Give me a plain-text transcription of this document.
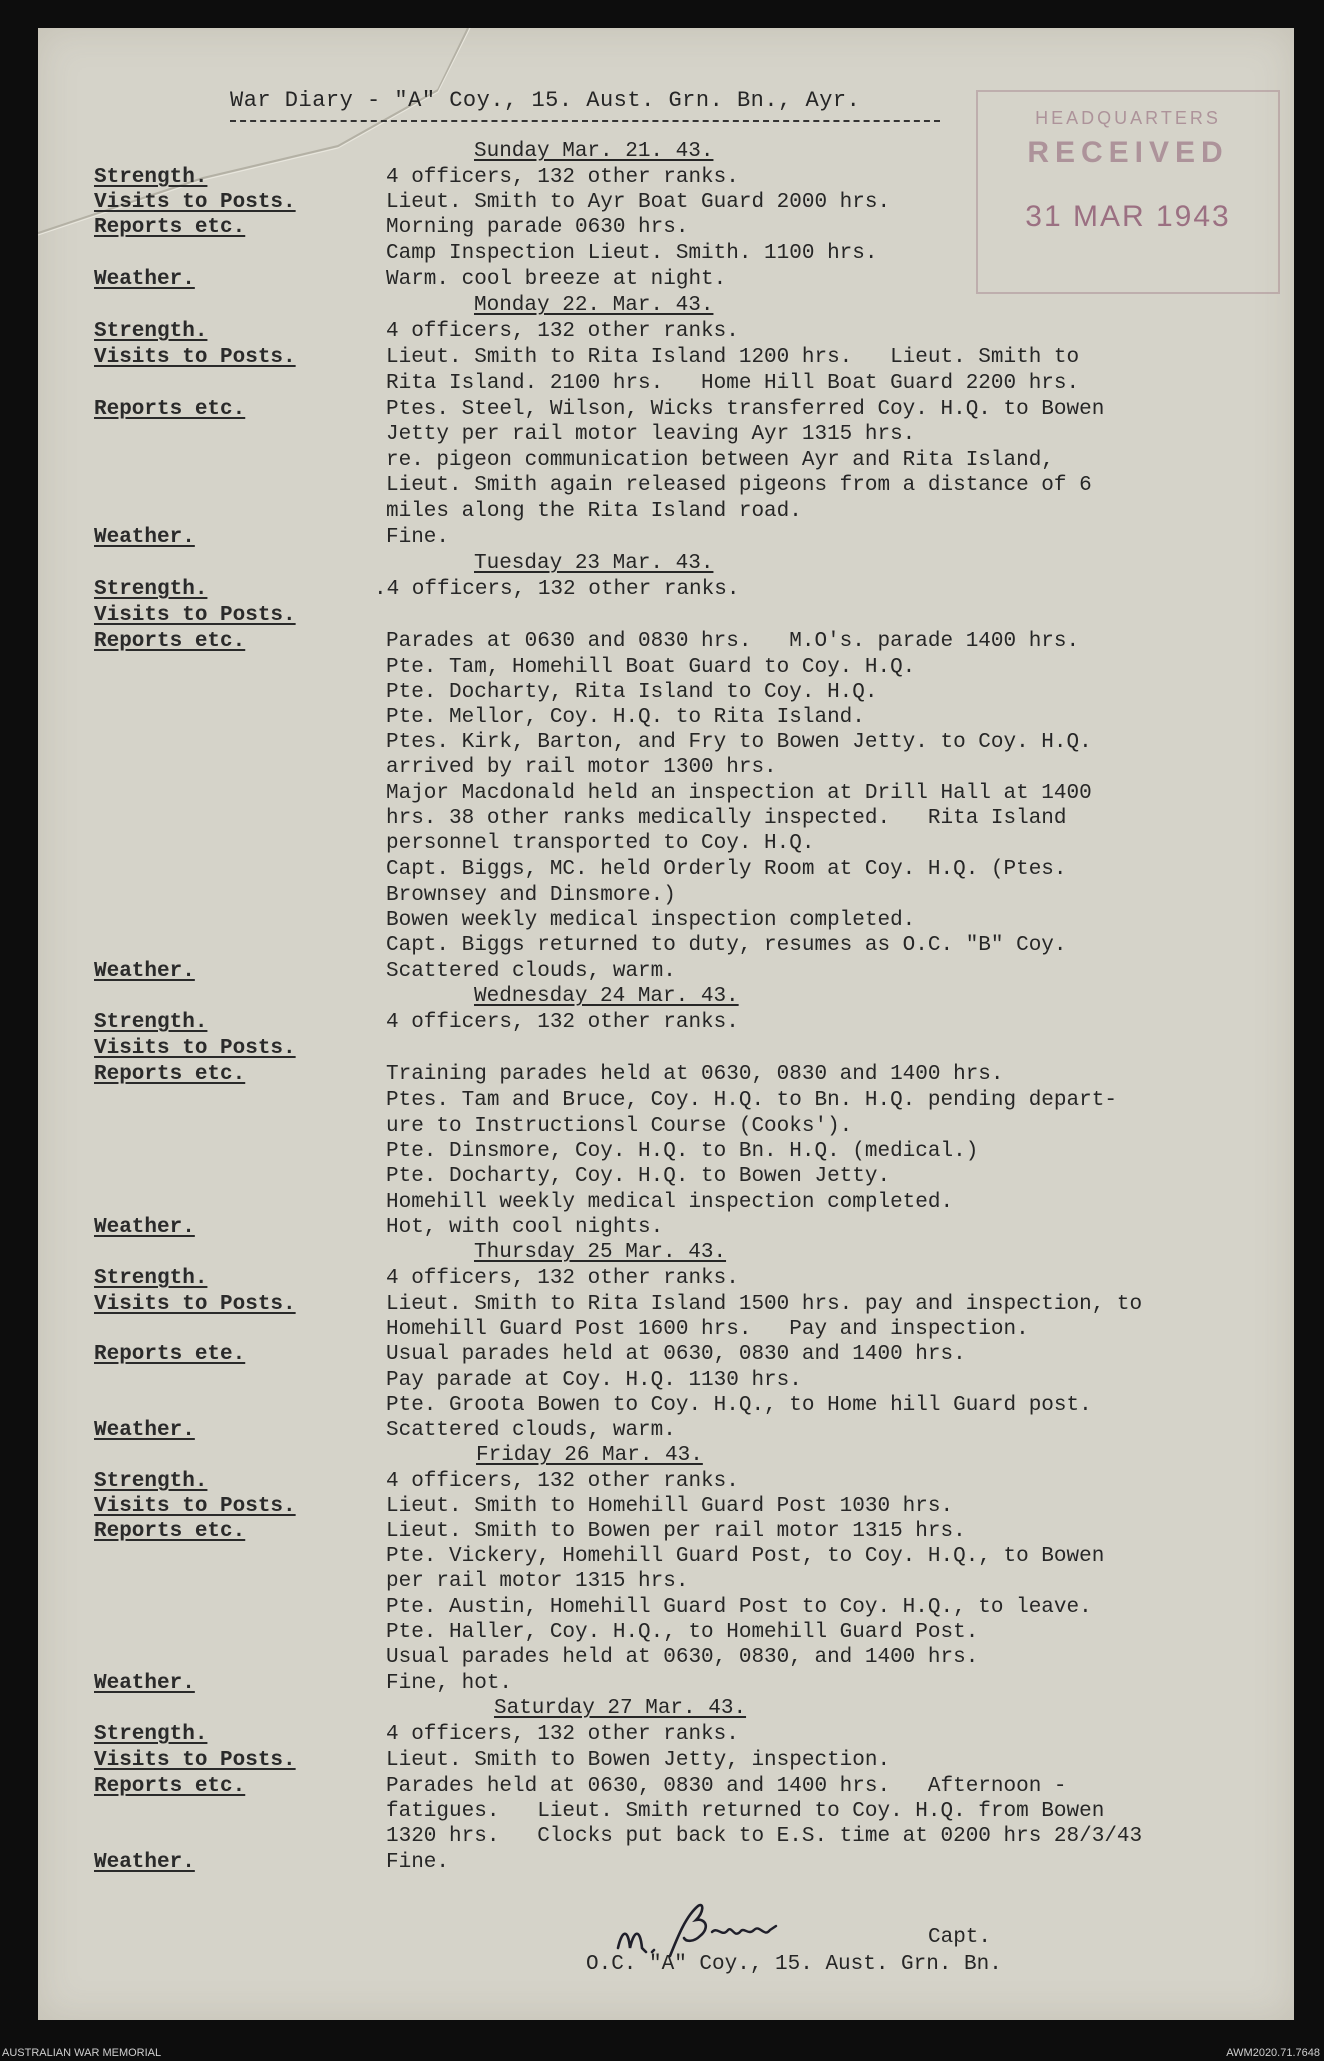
HEADQUARTERS
RECEIVED
31 MAR 1943
War Diary - "A" Coy., 15. Aust. Grn. Bn., Ayr.
Sunday Mar. 21. 43.
Strength.	4 officers, 132 other ranks.
Visits to Posts.	Lieut. Smith to Ayr Boat Guard 2000 hrs.
Reports etc.	Morning parade 0630 hrs.
Camp Inspection Lieut. Smith. 1100 hrs.
Weather.	Warm. cool breeze at night.
Monday 22. Mar. 43.
Strength.	4 officers, 132 other ranks.
Visits to Posts.	Lieut. Smith to Rita Island 1200 hrs.   Lieut. Smith to
Rita Island. 2100 hrs.   Home Hill Boat Guard 2200 hrs.
Reports etc.	Ptes. Steel, Wilson, Wicks transferred Coy. H.Q. to Bowen
Jetty per rail motor leaving Ayr 1315 hrs.
re. pigeon communication between Ayr and Rita Island,
Lieut. Smith again released pigeons from a distance of 6
miles along the Rita Island road.
Weather.	Fine.
Tuesday 23 Mar. 43.
Strength.	.4 officers, 132 other ranks.
Visits to Posts.
Reports etc.	Parades at 0630 and 0830 hrs.   M.O's. parade 1400 hrs.
Pte. Tam, Homehill Boat Guard to Coy. H.Q.
Pte. Docharty, Rita Island to Coy. H.Q.
Pte. Mellor, Coy. H.Q. to Rita Island.
Ptes. Kirk, Barton, and Fry to Bowen Jetty. to Coy. H.Q.
arrived by rail motor 1300 hrs.
Major Macdonald held an inspection at Drill Hall at 1400
hrs. 38 other ranks medically inspected.   Rita Island
personnel transported to Coy. H.Q.
Capt. Biggs, MC. held Orderly Room at Coy. H.Q. (Ptes.
Brownsey and Dinsmore.)
Bowen weekly medical inspection completed.
Capt. Biggs returned to duty, resumes as O.C. "B" Coy.
Weather.	Scattered clouds, warm.
Wednesday 24 Mar. 43.
Strength.	4 officers, 132 other ranks.
Visits to Posts.
Reports etc.	Training parades held at 0630, 0830 and 1400 hrs.
Ptes. Tam and Bruce, Coy. H.Q. to Bn. H.Q. pending depart-
ure to Instructionsl Course (Cooks').
Pte. Dinsmore, Coy. H.Q. to Bn. H.Q. (medical.)
Pte. Docharty, Coy. H.Q. to Bowen Jetty.
Homehill weekly medical inspection completed.
Weather.	Hot, with cool nights.
Thursday 25 Mar. 43.
Strength.	4 officers, 132 other ranks.
Visits to Posts.	Lieut. Smith to Rita Island 1500 hrs. pay and inspection, to
Homehill Guard Post 1600 hrs.   Pay and inspection.
Reports ete.	Usual parades held at 0630, 0830 and 1400 hrs.
Pay parade at Coy. H.Q. 1130 hrs.
Pte. Groota Bowen to Coy. H.Q., to Home hill Guard post.
Weather.	Scattered clouds, warm.
Friday 26 Mar. 43.
Strength.	4 officers, 132 other ranks.
Visits to Posts.	Lieut. Smith to Homehill Guard Post 1030 hrs.
Reports etc.	Lieut. Smith to Bowen per rail motor 1315 hrs.
Pte. Vickery, Homehill Guard Post, to Coy. H.Q., to Bowen
per rail motor 1315 hrs.
Pte. Austin, Homehill Guard Post to Coy. H.Q., to leave.
Pte. Haller, Coy. H.Q., to Homehill Guard Post.
Usual parades held at 0630, 0830, and 1400 hrs.
Weather.	Fine, hot.
Saturday 27 Mar. 43.
Strength.	4 officers, 132 other ranks.
Visits to Posts.	Lieut. Smith to Bowen Jetty, inspection.
Reports etc.	Parades held at 0630, 0830 and 1400 hrs.   Afternoon -
fatigues.   Lieut. Smith returned to Coy. H.Q. from Bowen
1320 hrs.   Clocks put back to E.S. time at 0200 hrs 28/3/43
Weather.	Fine.
Capt.
O.C. "A" Coy., 15. Aust. Grn. Bn.
AUSTRALIAN WAR MEMORIAL	AWM2020.71.7648
